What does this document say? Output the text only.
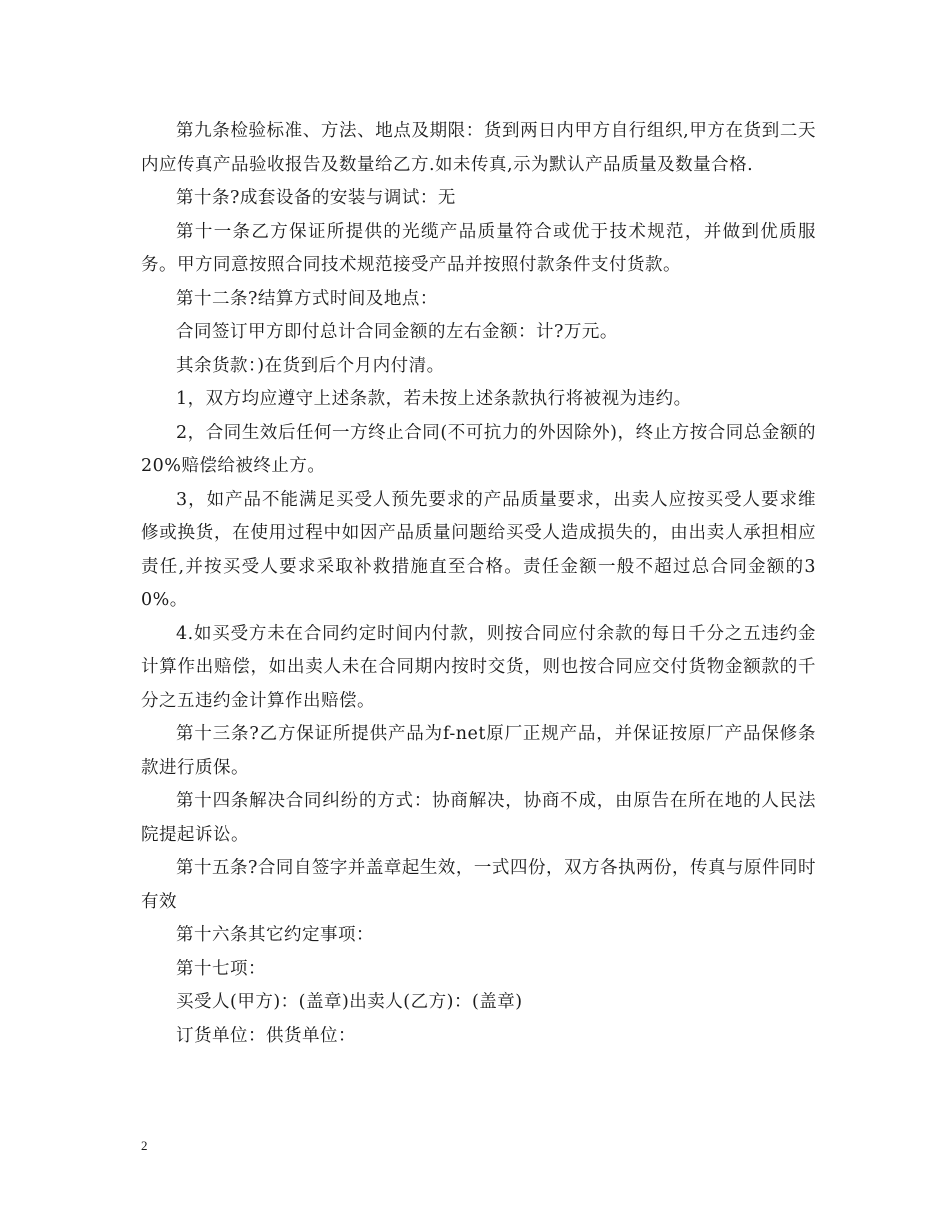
第九条检验标准、方法、地点及期限：货到两日内甲方自行组织,甲方在货到二天内应传真产品验收报告及数量给乙方.如未传真,示为默认产品质量及数量合格.

第十条?成套设备的安装与调试：无

第十一条乙方保证所提供的光缆产品质量符合或优于技术规范，并做到优质服务。甲方同意按照合同技术规范接受产品并按照付款条件支付货款。

第十二条?结算方式时间及地点：

合同签订甲方即付总计合同金额的左右金额：计?万元。

其余货款：)在货到后个月内付清。

1，双方均应遵守上述条款，若未按上述条款执行将被视为违约。

2，合同生效后任何一方终止合同(不可抗力的外因除外)，终止方按合同总金额的20%赔偿给被终止方。

3，如产品不能满足买受人预先要求的产品质量要求，出卖人应按买受人要求维修或换货，在使用过程中如因产品质量问题给买受人造成损失的，由出卖人承担相应责任,并按买受人要求采取补救措施直至合格。责任金额一般不超过总合同金额的30%。

4.如买受方未在合同约定时间内付款，则按合同应付余款的每日千分之五违约金计算作出赔偿，如出卖人未在合同期内按时交货，则也按合同应交付货物金额款的千分之五违约金计算作出赔偿。

第十三条?乙方保证所提供产品为f-net原厂正规产品，并保证按原厂产品保修条款进行质保。

第十四条解决合同纠纷的方式：协商解决，协商不成，由原告在所在地的人民法院提起诉讼。

第十五条?合同自签字并盖章起生效，一式四份，双方各执两份，传真与原件同时有效

第十六条其它约定事项：

第十七项：

买受人(甲方)：(盖章)出卖人(乙方)：(盖章)

订货单位：供货单位：

2
